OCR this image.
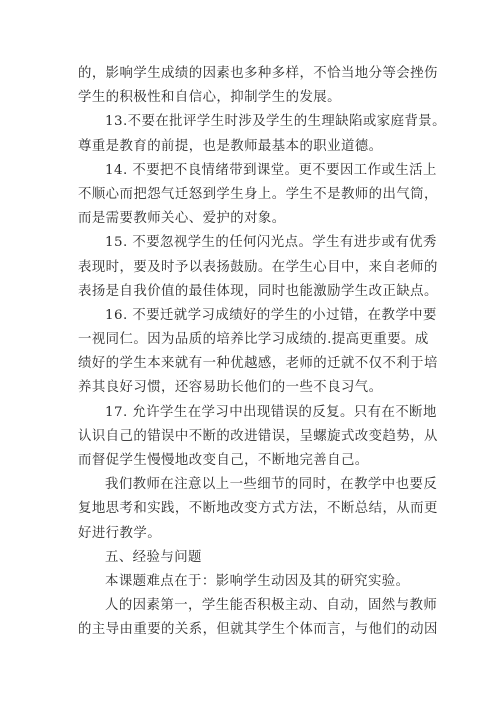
的，影响学生成绩的因素也多种多样，不恰当地分等会挫伤
学生的积极性和自信心，抑制学生的发展。
13.不要在批评学生时涉及学生的生理缺陷或家庭背景。
尊重是教育的前提，也是教师最基本的职业道德。
14. 不要把不良情绪带到课堂。更不要因工作或生活上
不顺心而把怨气迁怒到学生身上。学生不是教师的出气筒，
而是需要教师关心、爱护的对象。
15. 不要忽视学生的任何闪光点。学生有进步或有优秀
表现时，要及时予以表扬鼓励。在学生心目中，来自老师的
表扬是自我价值的最佳体现，同时也能激励学生改正缺点。
16. 不要迁就学习成绩好的学生的小过错，在教学中要
一视同仁。因为品质的培养比学习成绩的.提高更重要。成
绩好的学生本来就有一种优越感，老师的迁就不仅不利于培
养其良好习惯，还容易助长他们的一些不良习气。
17. 允许学生在学习中出现错误的反复。只有在不断地
认识自己的错误中不断的改进错误，呈螺旋式改变趋势，从
而督促学生慢慢地改变自己，不断地完善自己。
我们教师在注意以上一些细节的同时，在教学中也要反
复地思考和实践，不断地改变方式方法，不断总结，从而更
好进行教学。
五、经验与问题
本课题难点在于：影响学生动因及其的研究实验。
人的因素第一，学生能否积极主动、自动，固然与教师
的主导由重要的关系，但就其学生个体而言，与他们的动因
